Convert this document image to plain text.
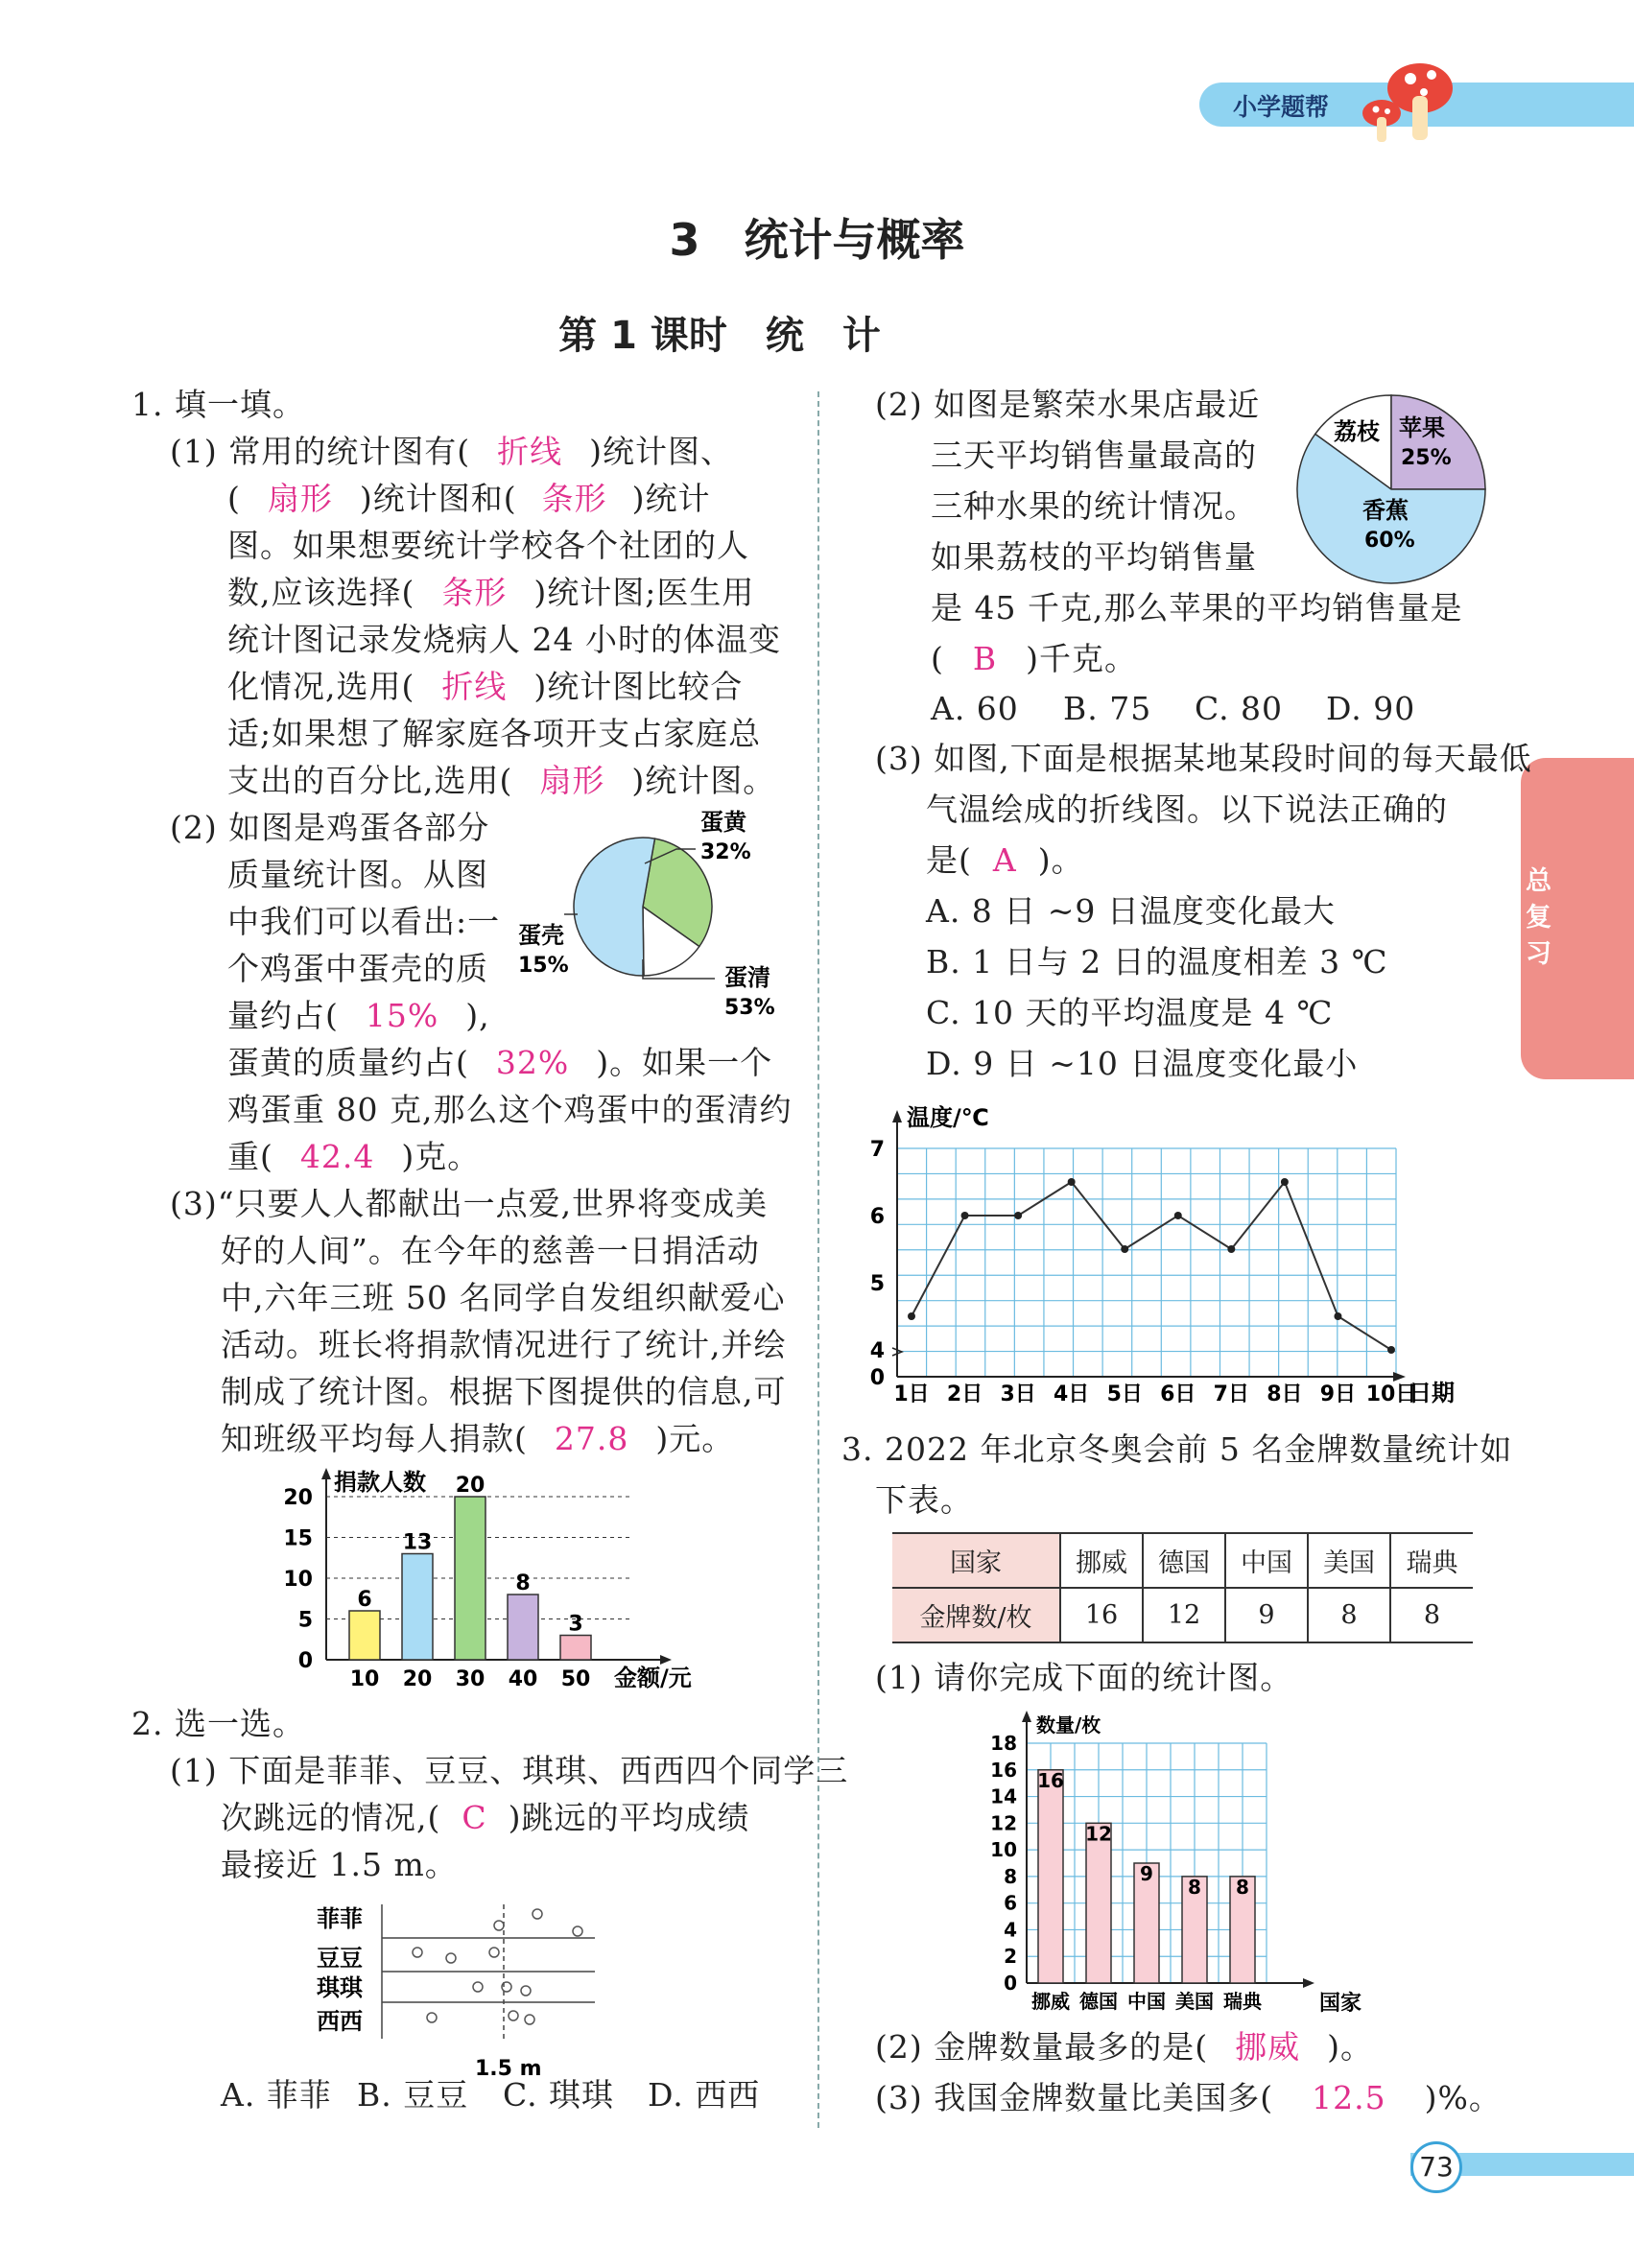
小学题帮
总复习
3　统计与概率
第 1 课时　统　计
1. 填一填。
(1) 常用的统计图有( 折线 )统计图、
( 扇形 )统计图和( 条形 )统计
图。如果想要统计学校各个社团的人
数,应该选择( 条形 )统计图;医生用
统计图记录发烧病人 24 小时的体温变
化情况,选用( 折线 )统计图比较合
适;如果想了解家庭各项开支占家庭总
支出的百分比,选用( 扇形 )统计图。
(2) 如图是鸡蛋各部分
质量统计图。从图
中我们可以看出:一
个鸡蛋中蛋壳的质
量约占( 15% ),
蛋黄的质量约占( 32% )。如果一个
鸡蛋重 80 克,那么这个鸡蛋中的蛋清约
重( 42.4 )克。
蛋黄
32%
蛋壳
15%	蛋清
53%
(3)“只要人人都献出一点爱,世界将变成美
好的人间”。在今年的慈善一日捐活动
中,六年三班 50 名同学自发组织献爱心
活动。班长将捐款情况进行了统计,并绘
制成了统计图。根据下图提供的信息,可
知班级平均每人捐款( 27.8 )元。
捐款人数
金额/元
0
5
10
15
20
6
10
13
20
20
30
8
40
3
50
2. 选一选。
(1) 下面是菲菲、豆豆、琪琪、西西四个同学三
次跳远的情况,( C )跳远的平均成绩
最接近 1.5 m。
菲菲
豆豆
琪琪
西西
1.5 m
A. 菲菲 B. 豆豆 C. 琪琪 D. 西西
(2) 如图是繁荣水果店最近
三天平均销售量最高的
三种水果的统计情况。
如果荔枝的平均销售量
是 45 千克,那么苹果的平均销售量是
( B )千克。
A. 60 B. 75 C. 80 D. 90
荔枝 苹果
25%
香蕉
60%
(3) 如图,下面是根据某地某段时间的每天最低
气温绘成的折线图。以下说法正确的
是( A )。
A. 8 日 ~9 日温度变化最大
B. 1 日与 2 日的温度相差 3 ℃
C. 10 天的平均温度是 4 ℃
D. 9 日 ~10 日温度变化最小
温度/℃
日期
0
4
5
6
7
1日 2日 3日 4日 5日 6日 7日 8日 9日 10日
3. 2022 年北京冬奥会前 5 名金牌数量统计如
下表。
国家	挪威	德国	中国	美国	瑞典
金牌数/枚	16	12	9	8	8
(1) 请你完成下面的统计图。
数量/枚
国家
0
2
4
6
8
10
12
14
16
18
16
挪威
12
德国
9
中国
8
美国
8
瑞典
(2) 金牌数量最多的是( 挪威 )。
(3) 我国金牌数量比美国多( 12.5 )%。
73
